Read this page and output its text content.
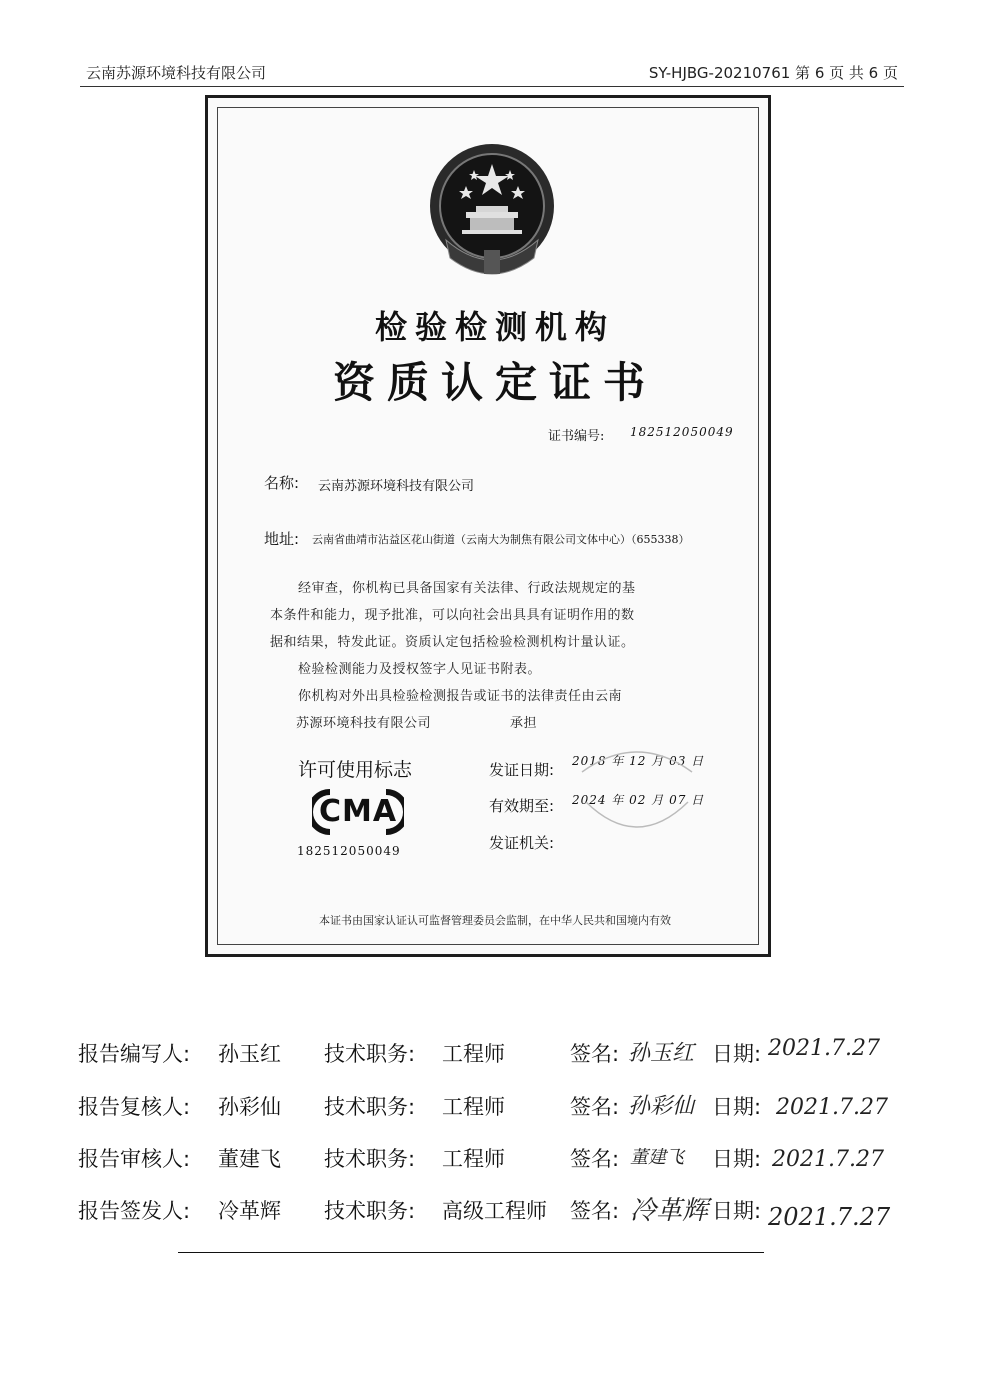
云南苏源环境科技有限公司	SY-HJBG-20210761 第 6 页 共 6 页
检验检测机构
资质认定证书
证书编号: 182512050049
名称: 云南苏源环境科技有限公司
地址: 云南省曲靖市沾益区花山街道（云南大为制焦有限公司文体中心）（655338）
经审查，你机构已具备国家有关法律、行政法规规定的基
本条件和能力，现予批准，可以向社会出具具有证明作用的数
据和结果，特发此证。资质认定包括检验检测机构计量认证。
检验检测能力及授权签字人见证书附表。
你机构对外出具检验检测报告或证书的法律责任由云南
苏源环境科技有限公司	承担
许可使用标志
CMA
182512050049
发证日期: 2018 年 12 月 03 日
有效期至: 2024 年 02 月 07 日
发证机关:
本证书由国家认证认可监督管理委员会监制，在中华人民共和国境内有效
报告编写人: 孙玉红 技术职务: 工程师	签名: 孙玉红 日期: 2021.7.27
报告复核人: 孙彩仙 技术职务: 工程师	签名: 孙彩仙 日期: 2021.7.27
报告审核人: 董建飞 技术职务: 工程师	签名: 董建飞 日期: 2021.7.27
报告签发人: 冷革辉 技术职务: 高级工程师 签名: 冷革辉 日期: 2021.7.27
